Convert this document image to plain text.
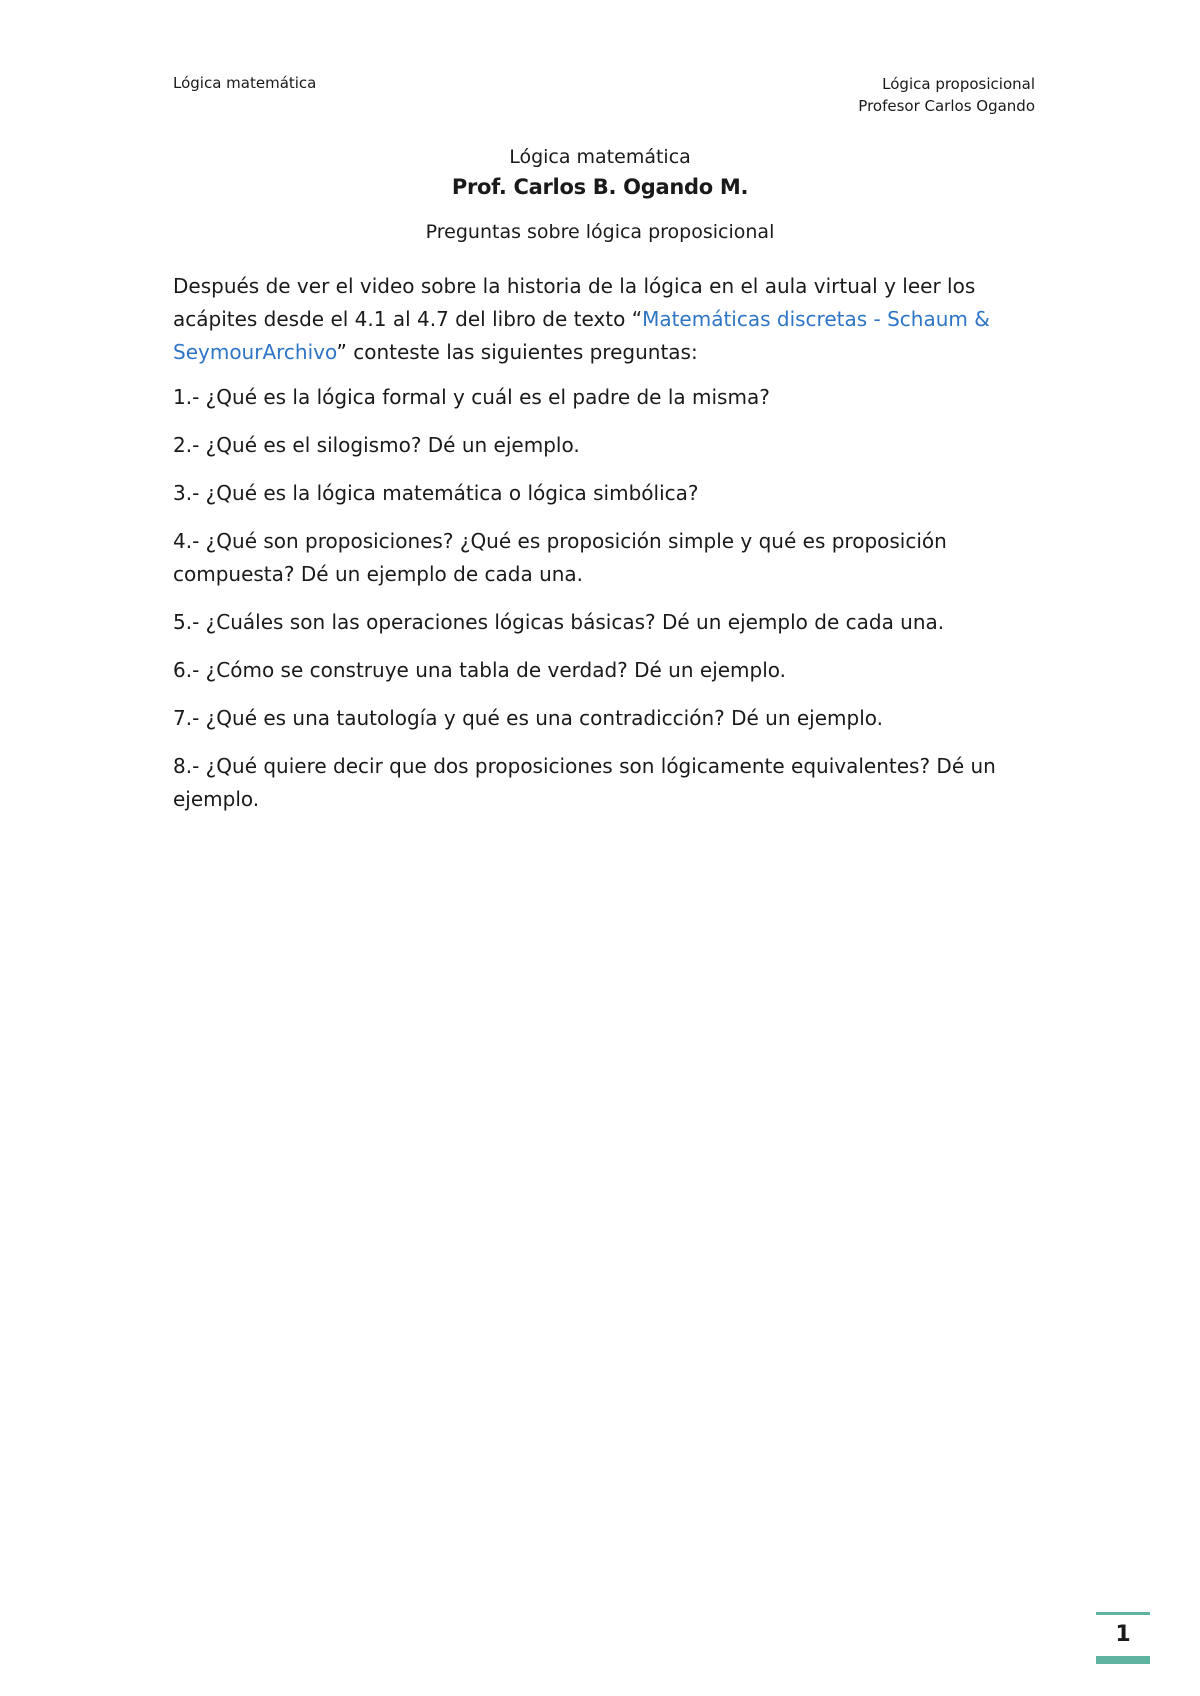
Lógica matemática	Lógica proposicional
Profesor Carlos Ogando
Lógica matemática
Prof. Carlos B. Ogando M.
Preguntas sobre lógica proposicional

Después de ver el video sobre la historia de la lógica en el aula virtual y leer los acápites desde el 4.1 al 4.7 del libro de texto “Matemáticas discretas - Schaum & SeymourArchivo” conteste las siguientes preguntas:

1.- ¿Qué es la lógica formal y cuál es el padre de la misma?

2.- ¿Qué es el silogismo? Dé un ejemplo.

3.- ¿Qué es la lógica matemática o lógica simbólica?

4.- ¿Qué son proposiciones? ¿Qué es proposición simple y qué es proposición compuesta? Dé un ejemplo de cada una.

5.- ¿Cuáles son las operaciones lógicas básicas? Dé un ejemplo de cada una.

6.- ¿Cómo se construye una tabla de verdad? Dé un ejemplo.

7.- ¿Qué es una tautología y qué es una contradicción? Dé un ejemplo.

8.- ¿Qué quiere decir que dos proposiciones son lógicamente equivalentes? Dé un ejemplo.

1
